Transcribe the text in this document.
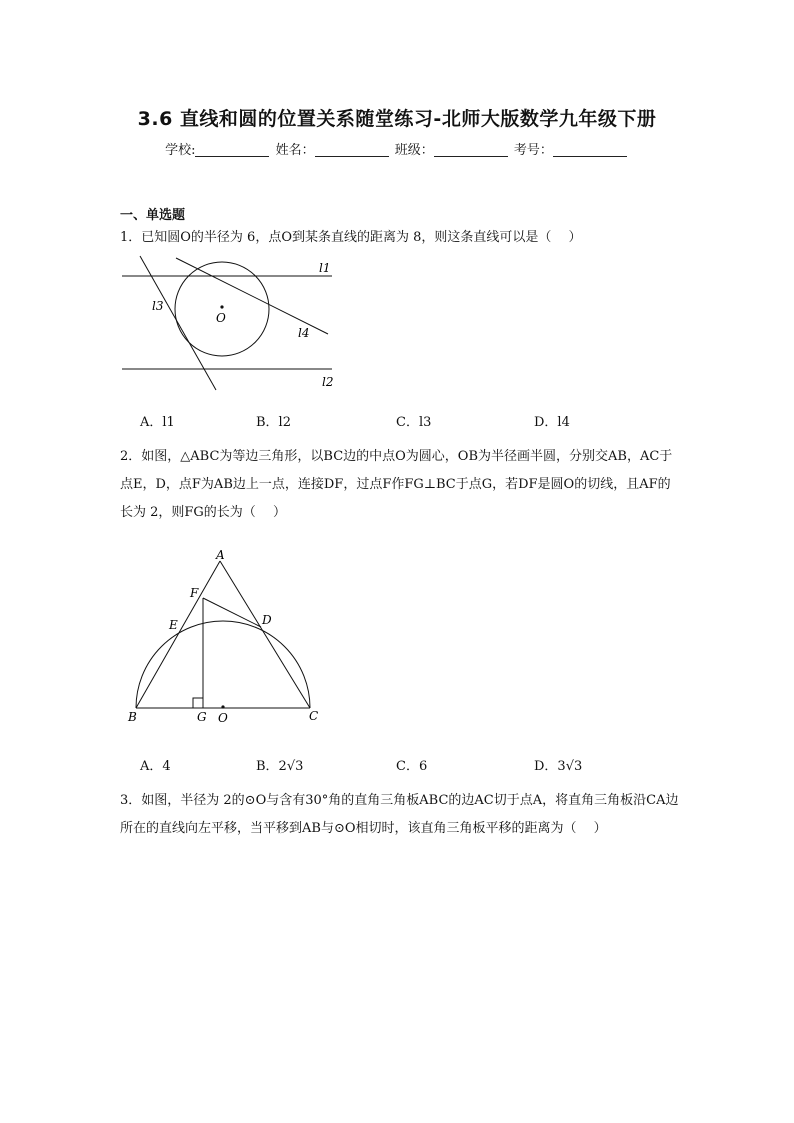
3.6 直线和圆的位置关系随堂练习-北师大版数学九年级下册
学校:	姓名：	班级：	考号：
一、单选题
1．已知圆O的半径为 6，点O到某条直线的距离为 8，则这条直线可以是（　 ）
O
l1
l2
l3
l4
A．l1	B．l2	C．l3	D．l4
2．如图，△ABC为等边三角形，以BC边的中点O为圆心，OB为半径画半圆，分别交AB，AC于点E，D，点F为AB边上一点，连接DF，过点F作FG⊥BC于点G，若DF是圆O的切线，且AF的长为 2，则FG的长为（　 ）
A
F
E	D
B	G O	C
A．4	B．2√3	C．6	D．3√3
3．如图，半径为 2的⊙O与含有30°角的直角三角板ABC的边AC切于点A，将直角三角板沿CA边所在的直线向左平移，当平移到AB与⊙O相切时，该直角三角板平移的距离为（　 ）
